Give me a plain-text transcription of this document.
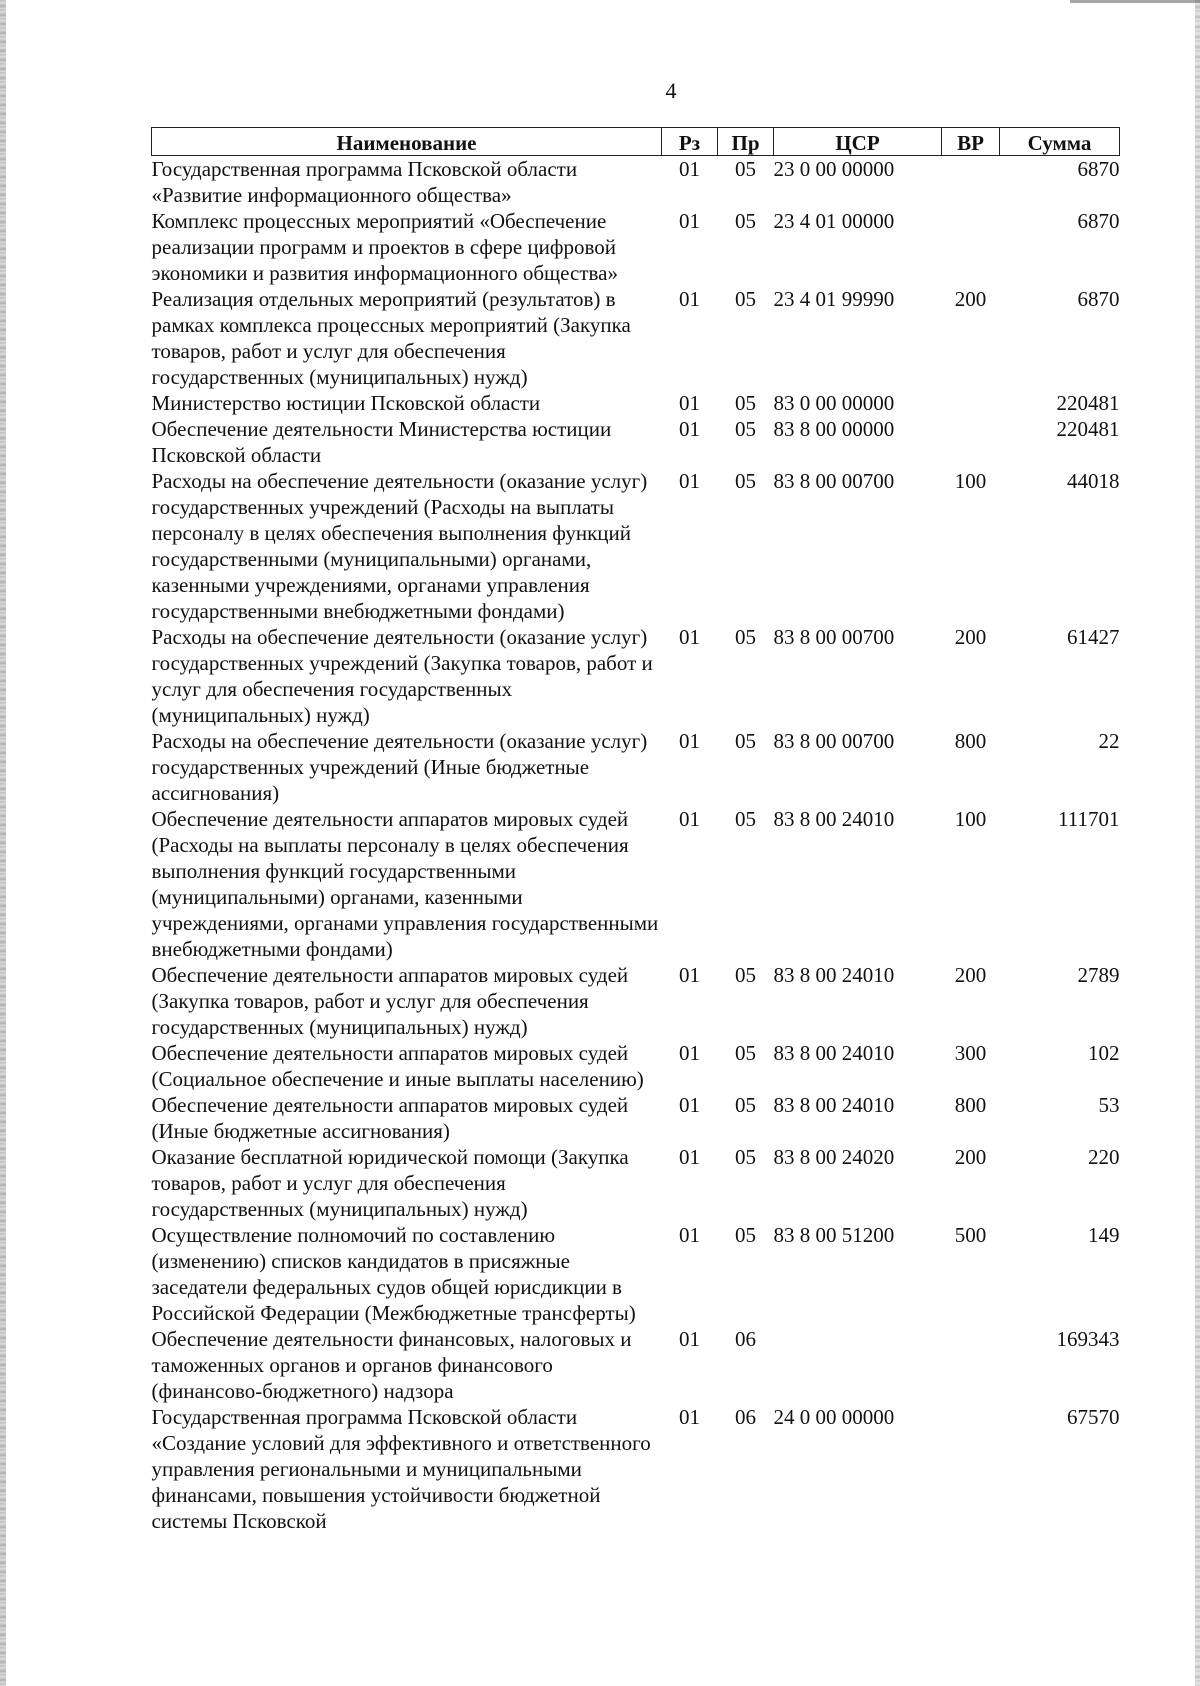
4
Наименование	Рз	Пр	ЦСР	ВР	Сумма
Государственная программа Псковской области «Развитие информационного общества»	01	05	23 0 00 00000		6870
Комплекс процессных мероприятий «Обеспечение реализации программ и проектов в сфере цифровой экономики и развития информационного общества»	01	05	23 4 01 00000		6870
Реализация отдельных мероприятий (результатов) в рамках комплекса процессных мероприятий (Закупка товаров, работ и услуг для обеспечения государственных (муниципальных) нужд)	01	05	23 4 01 99990	200	6870
Министерство юстиции Псковской области	01	05	83 0 00 00000		220481
Обеспечение деятельности Министерства юстиции Псковской области	01	05	83 8 00 00000		220481
Расходы на обеспечение деятельности (оказание услуг) государственных учреждений (Расходы на выплаты персоналу в целях обеспечения выполнения функций государственными (муниципальными) органами, казенными учреждениями, органами управления государственными внебюджетными фондами)	01	05	83 8 00 00700	100	44018
Расходы на обеспечение деятельности (оказание услуг) государственных учреждений (Закупка товаров, работ и услуг для обеспечения государственных (муниципальных) нужд)	01	05	83 8 00 00700	200	61427
Расходы на обеспечение деятельности (оказание услуг) государственных учреждений (Иные бюджетные ассигнования)	01	05	83 8 00 00700	800	22
Обеспечение деятельности аппаратов мировых судей (Расходы на выплаты персоналу в целях обеспечения выполнения функций государственными (муниципальными) органами, казенными учреждениями, органами управления государственными внебюджетными фондами)	01	05	83 8 00 24010	100	111701
Обеспечение деятельности аппаратов мировых судей (Закупка товаров, работ и услуг для обеспечения государственных (муниципальных) нужд)	01	05	83 8 00 24010	200	2789
Обеспечение деятельности аппаратов мировых судей (Социальное обеспечение и иные выплаты населению)	01	05	83 8 00 24010	300	102
Обеспечение деятельности аппаратов мировых судей (Иные бюджетные ассигнования)	01	05	83 8 00 24010	800	53
Оказание бесплатной юридической помощи (Закупка товаров, работ и услуг для обеспечения государственных (муниципальных) нужд)	01	05	83 8 00 24020	200	220
Осуществление полномочий по составлению (изменению) списков кандидатов в присяжные заседатели федеральных судов общей юрисдикции в Российской Федерации (Межбюджетные трансферты)	01	05	83 8 00 51200	500	149
Обеспечение деятельности финансовых, налоговых и таможенных органов и органов финансового (финансово-бюджетного) надзора	01	06			169343
Государственная программа Псковской области «Создание условий для эффективного и ответственного управления региональными и муниципальными финансами, повышения устойчивости бюджетной системы Псковской	01	06	24 0 00 00000		67570
